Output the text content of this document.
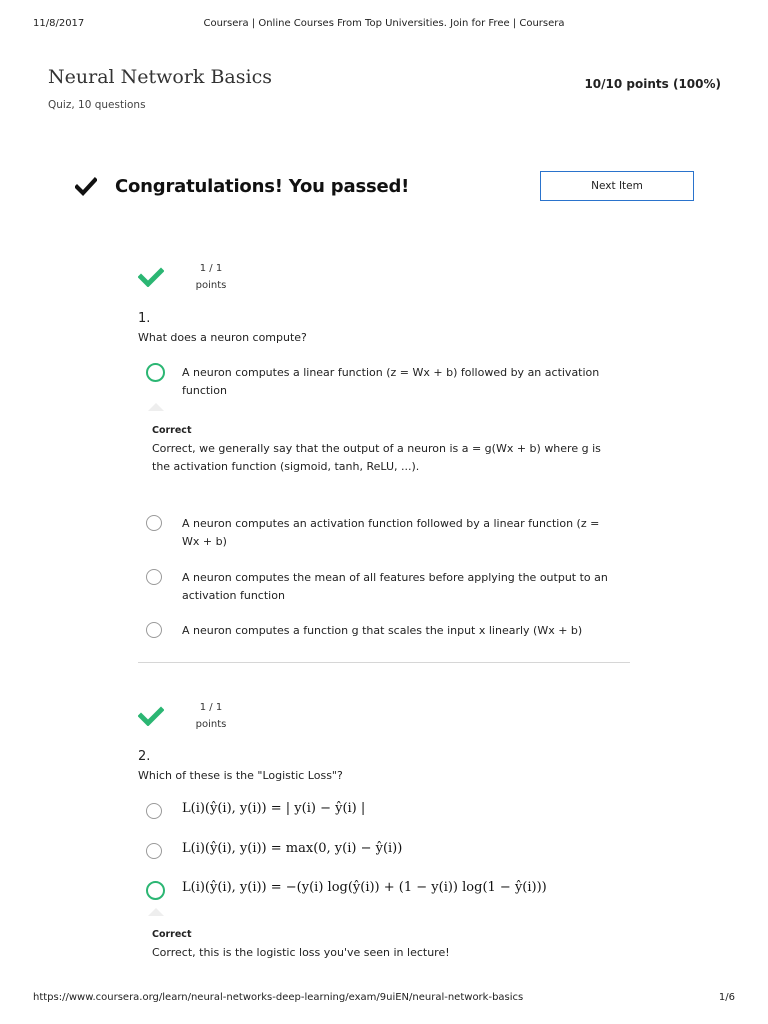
11/8/2017	Coursera | Online Courses From Top Universities. Join for Free | Coursera
Neural Network Basics
Quiz, 10 questions
10/10 points (100%)
Congratulations! You passed!	Next Item
1 / 1
points
1.
What does a neuron compute?
A neuron computes a linear function (z = Wx + b) followed by an activation function
Correct
Correct, we generally say that the output of a neuron is a = g(Wx + b) where g is the activation function (sigmoid, tanh, ReLU, ...).
A neuron computes an activation function followed by a linear function (z = Wx + b)
A neuron computes the mean of all features before applying the output to an activation function
A neuron computes a function g that scales the input x linearly (Wx + b)
1 / 1
points
2.
Which of these is the "Logistic Loss"?
L(i)(ŷ(i), y(i)) = | y(i) − ŷ(i) |
L(i)(ŷ(i), y(i)) = max(0, y(i) − ŷ(i))
L(i)(ŷ(i), y(i)) = −(y(i) log(ŷ(i)) + (1 − y(i)) log(1 − ŷ(i)))
Correct
Correct, this is the logistic loss you've seen in lecture!
https://www.coursera.org/learn/neural-networks-deep-learning/exam/9uiEN/neural-network-basics	1/6
